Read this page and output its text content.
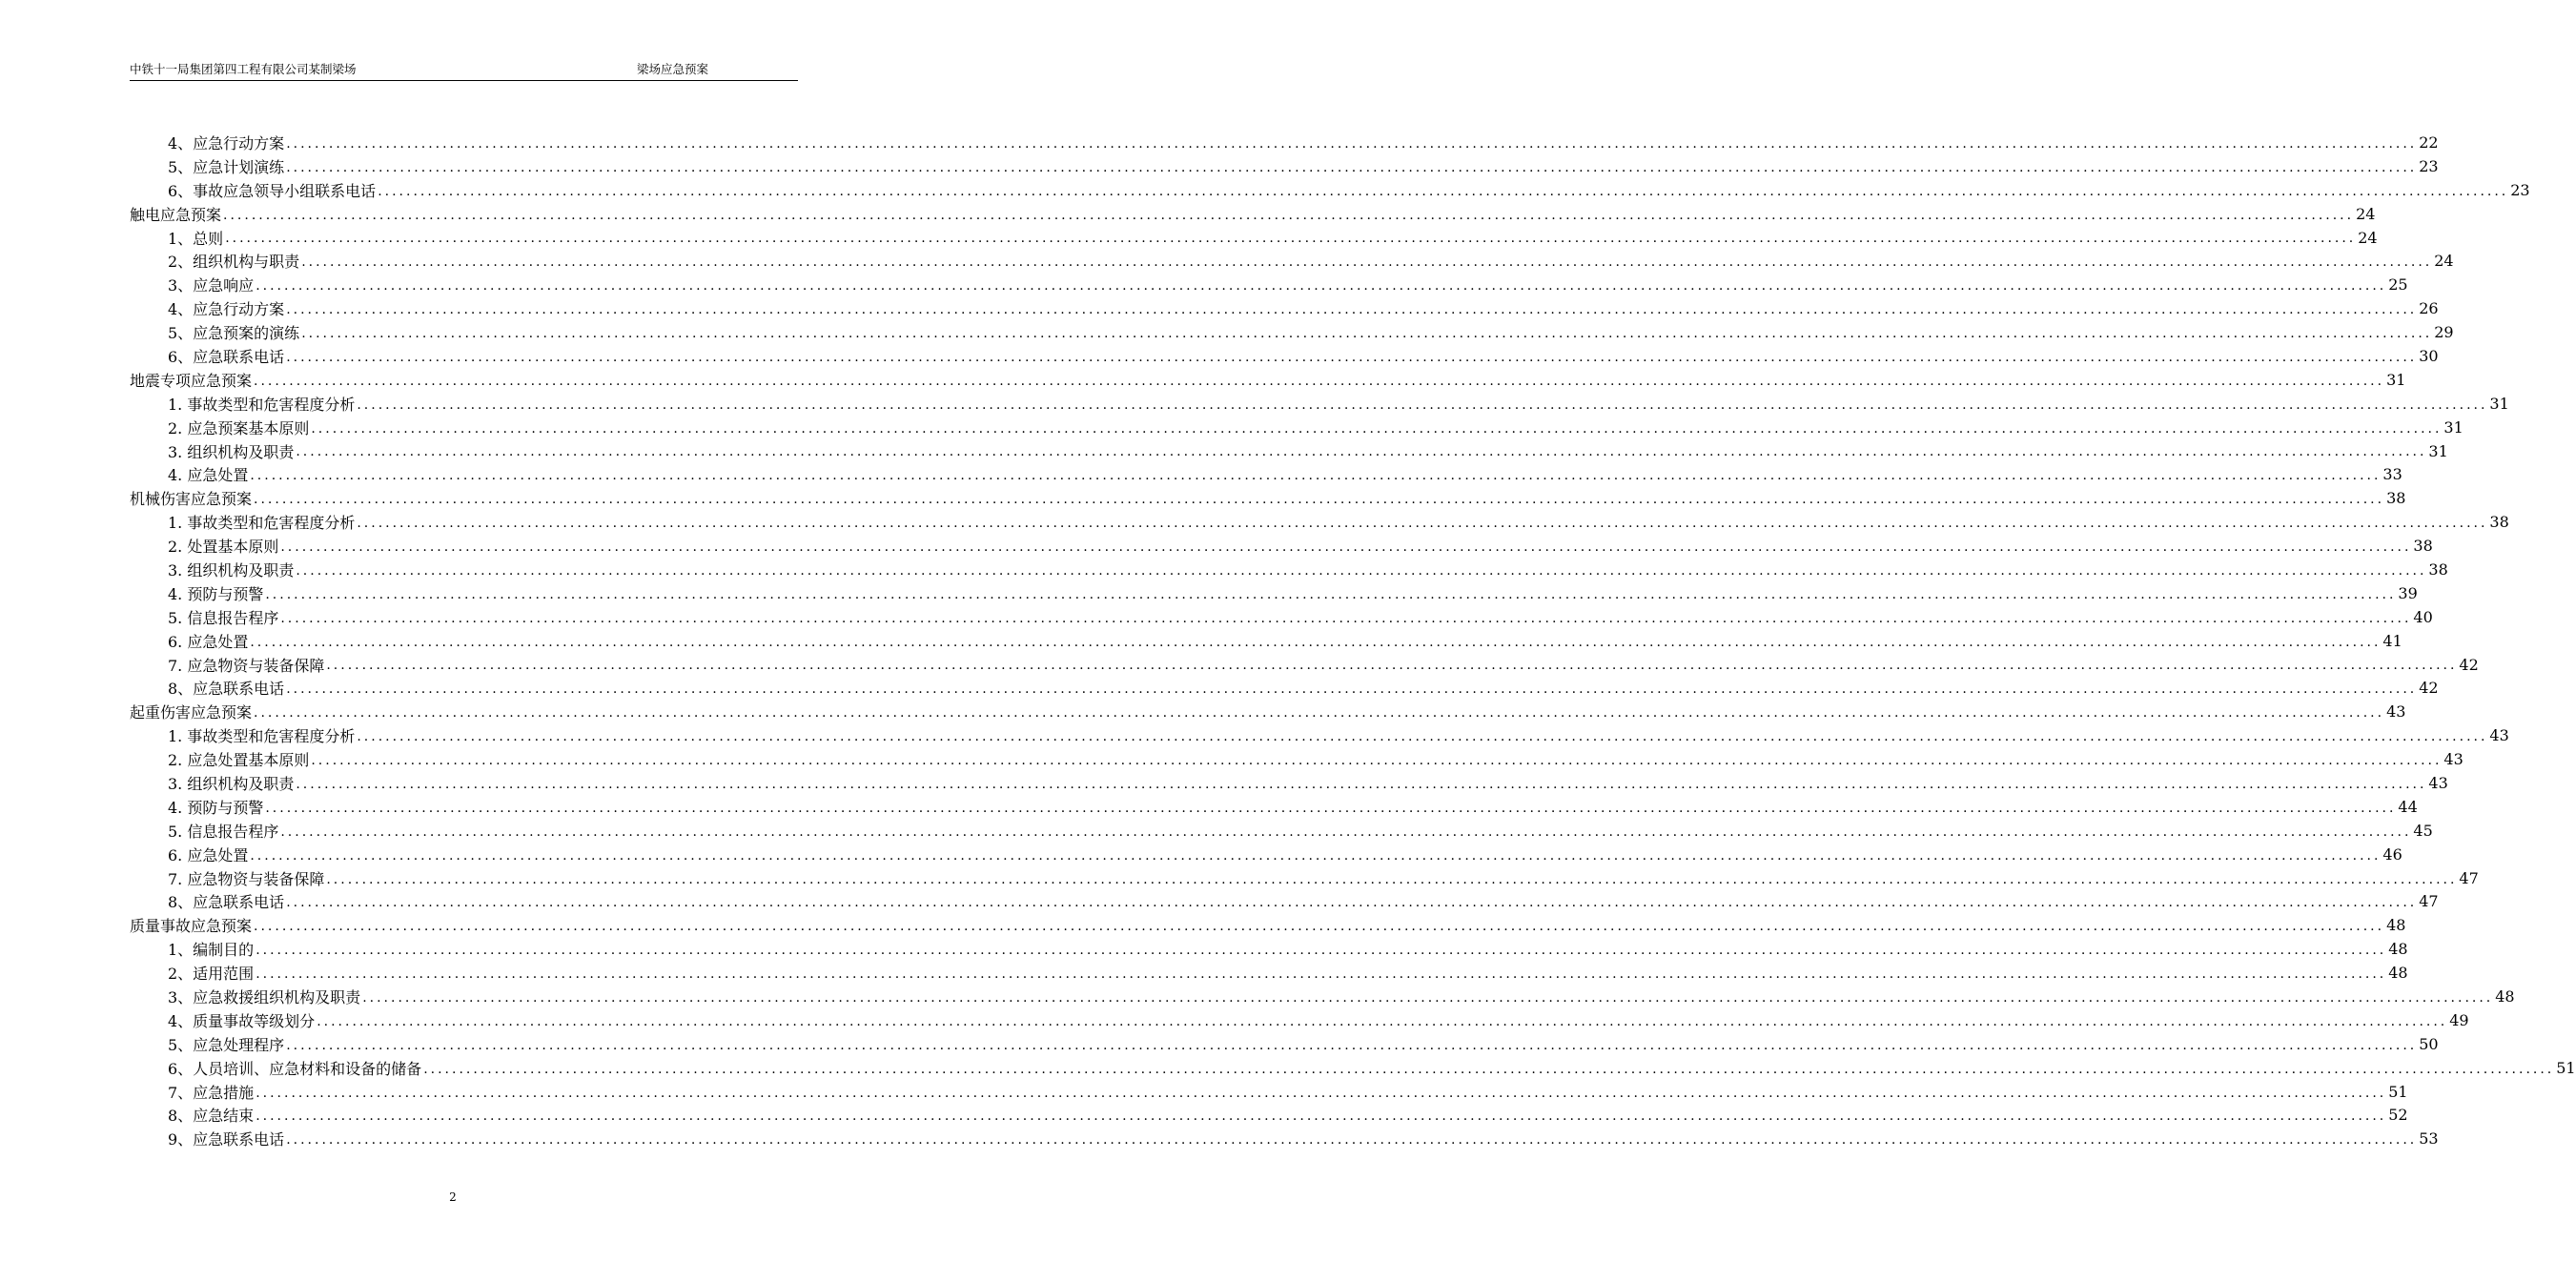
中铁十一局集团第四工程有限公司某制梁场	梁场应急预案
4、应急行动方案 ............................................................................................................................................................................................................................................................................................................ 22
5、应急计划演练 ............................................................................................................................................................................................................................................................................................................ 23
6、事故应急领导小组联系电话 ............................................................................................................................................................................................................................................................................................................ 23
触电应急预案 ............................................................................................................................................................................................................................................................................................................ 24
1、总则 ............................................................................................................................................................................................................................................................................................................ 24
2、组织机构与职责 ............................................................................................................................................................................................................................................................................................................ 24
3、应急响应 ............................................................................................................................................................................................................................................................................................................ 25
4、应急行动方案 ............................................................................................................................................................................................................................................................................................................ 26
5、应急预案的演练 ............................................................................................................................................................................................................................................................................................................ 29
6、应急联系电话 ............................................................................................................................................................................................................................................................................................................ 30
地震专项应急预案 ............................................................................................................................................................................................................................................................................................................ 31
1. 事故类型和危害程度分析 ............................................................................................................................................................................................................................................................................................................ 31
2. 应急预案基本原则 ............................................................................................................................................................................................................................................................................................................ 31
3. 组织机构及职责 ............................................................................................................................................................................................................................................................................................................ 31
4. 应急处置 ............................................................................................................................................................................................................................................................................................................ 33
机械伤害应急预案 ............................................................................................................................................................................................................................................................................................................ 38
1. 事故类型和危害程度分析 ............................................................................................................................................................................................................................................................................................................ 38
2. 处置基本原则 ............................................................................................................................................................................................................................................................................................................ 38
3. 组织机构及职责 ............................................................................................................................................................................................................................................................................................................ 38
4. 预防与预警 ............................................................................................................................................................................................................................................................................................................ 39
5. 信息报告程序 ............................................................................................................................................................................................................................................................................................................ 40
6. 应急处置 ............................................................................................................................................................................................................................................................................................................ 41
7. 应急物资与装备保障 ............................................................................................................................................................................................................................................................................................................ 42
8、应急联系电话 ............................................................................................................................................................................................................................................................................................................ 42
起重伤害应急预案 ............................................................................................................................................................................................................................................................................................................ 43
1. 事故类型和危害程度分析 ............................................................................................................................................................................................................................................................................................................ 43
2. 应急处置基本原则 ............................................................................................................................................................................................................................................................................................................ 43
3. 组织机构及职责 ............................................................................................................................................................................................................................................................................................................ 43
4. 预防与预警 ............................................................................................................................................................................................................................................................................................................ 44
5. 信息报告程序 ............................................................................................................................................................................................................................................................................................................ 45
6. 应急处置 ............................................................................................................................................................................................................................................................................................................ 46
7. 应急物资与装备保障 ............................................................................................................................................................................................................................................................................................................ 47
8、应急联系电话 ............................................................................................................................................................................................................................................................................................................ 47
质量事故应急预案 ............................................................................................................................................................................................................................................................................................................ 48
1、编制目的 ............................................................................................................................................................................................................................................................................................................ 48
2、适用范围 ............................................................................................................................................................................................................................................................................................................ 48
3、应急救援组织机构及职责 ............................................................................................................................................................................................................................................................................................................ 48
4、质量事故等级划分 ............................................................................................................................................................................................................................................................................................................ 49
5、应急处理程序 ............................................................................................................................................................................................................................................................................................................ 50
6、人员培训、应急材料和设备的储备 ............................................................................................................................................................................................................................................................................................................ 51
7、应急措施 ............................................................................................................................................................................................................................................................................................................ 51
8、应急结束 ............................................................................................................................................................................................................................................................................................................ 52
9、应急联系电话 ............................................................................................................................................................................................................................................................................................................ 53
2
